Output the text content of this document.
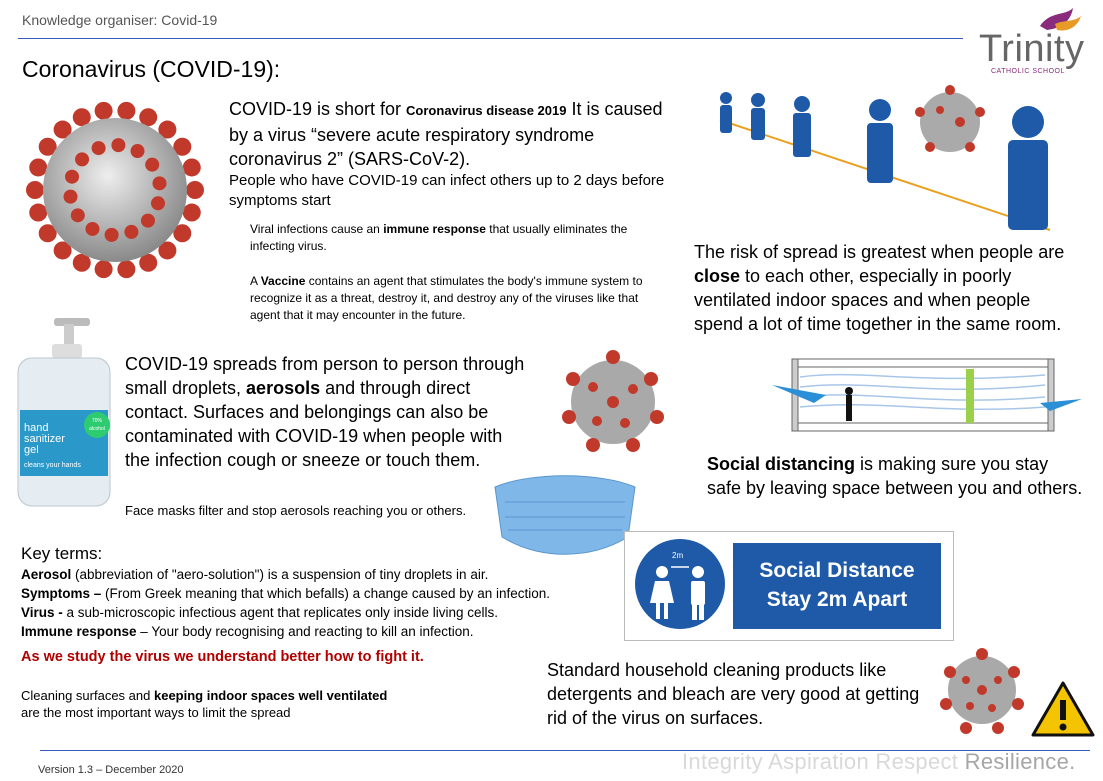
Knowledge organiser: Covid-19
Trinity
CATHOLIC SCHOOL
Coronavirus (COVID-19):
COVID-19 is short for Coronavirus disease 2019 It is caused by a virus “severe acute respiratory syndrome coronavirus 2” (SARS-CoV-2).
People who have COVID-19 can infect others up to 2 days before symptoms start
Viral infections cause an immune response that usually eliminates the infecting virus.
A Vaccine contains an agent that stimulates the body's immune system to recognize it as a threat, destroy it, and destroy any of the viruses like that agent that it may encounter in the future.
The risk of spread is greatest when people are close to each other, especially in poorly ventilated indoor spaces and when people spend a lot of time together in the same room.
hand
sanitizer
gel
cleans your hands
70% alcohol
COVID-19 spreads from person to person through small droplets, aerosols and through direct contact. Surfaces and belongings can also be contaminated with COVID-19 when people with the infection cough or sneeze or touch them.
Face masks filter and stop aerosols reaching you or others.
Social distancing is making sure you stay safe by leaving space between you and others.
2m
Social Distance
Stay 2m Apart
Key terms:
Aerosol (abbreviation of "aero-solution") is a suspension of tiny droplets in air.
Symptoms – (From Greek meaning that which befalls) a change caused by an infection.
Virus - a sub-microscopic infectious agent that replicates only inside living cells.
Immune response – Your body recognising and reacting to kill an infection.
As we study the virus we understand better how to fight it.
Cleaning surfaces and keeping indoor spaces well ventilated are the most important ways to limit the spread
Standard household cleaning products like detergents and bleach are very good at getting rid of the virus on surfaces.
Version 1.3 – December 2020	Integrity Aspiration Respect Resilience.
